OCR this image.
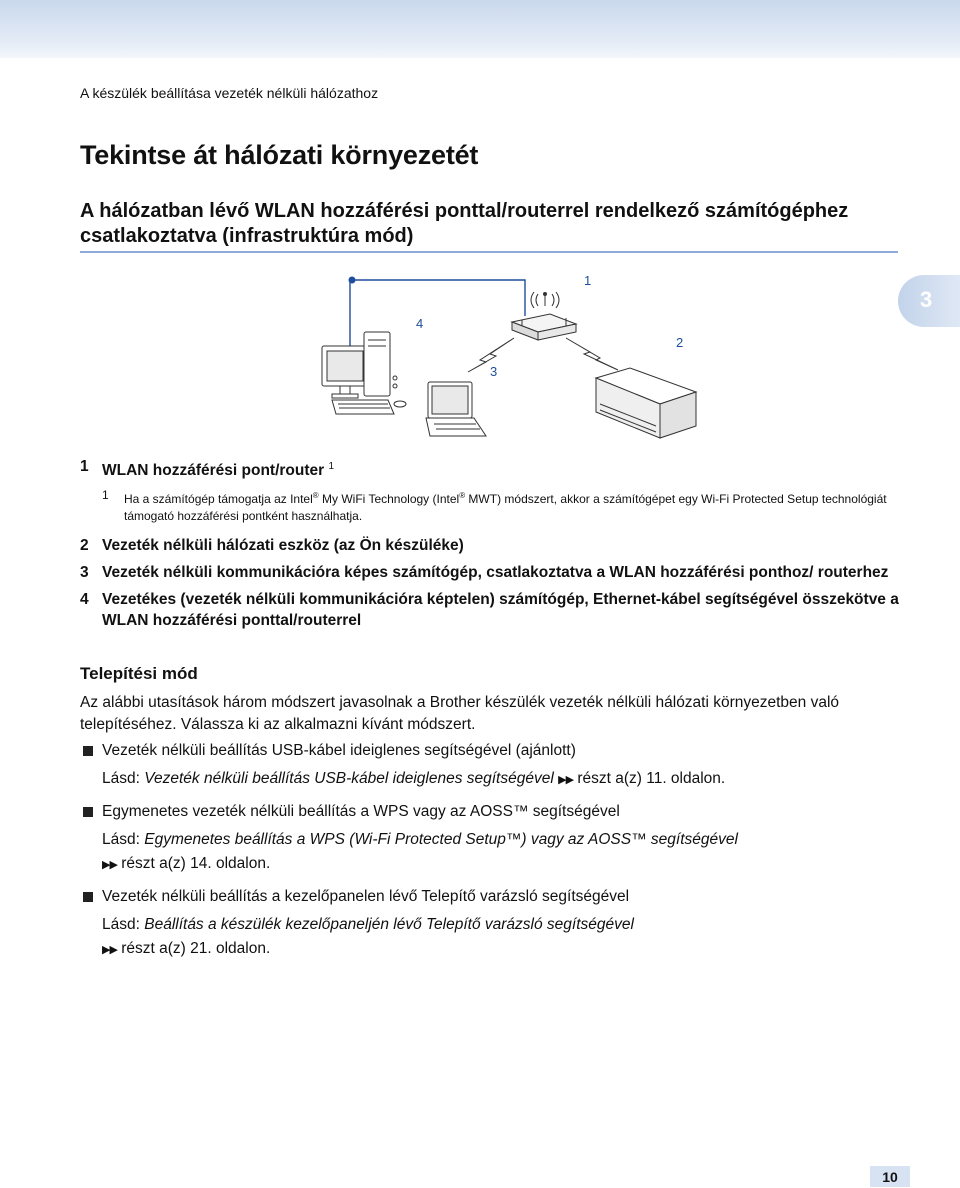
A készülék beállítása vezeték nélküli hálózathoz
Tekintse át hálózati környezetét
A hálózatban lévő WLAN hozzáférési ponttal/routerrel rendelkező számítógéphez csatlakoztatva (infrastruktúra mód)
3
1
2
3
4
1 WLAN hozzáférési pont/router $^1$
1 Ha a számítógép támogatja az Intel® My WiFi Technology (Intel® MWT) módszert, akkor a számítógépet egy Wi-Fi Protected Setup technológiát támogató hozzáférési pontként használhatja.
2 Vezeték nélküli hálózati eszköz (az Ön készüléke)
3 Vezeték nélküli kommunikációra képes számítógép, csatlakoztatva a WLAN hozzáférési ponthoz/ routerhez
4 Vezetékes (vezeték nélküli kommunikációra képtelen) számítógép, Ethernet-kábel segítségével összekötve a WLAN hozzáférési ponttal/routerrel
Telepítési mód

Az alábbi utasítások három módszert javasolnak a Brother készülék vezeték nélküli hálózati környezetben való telepítéséhez. Válassza ki az alkalmazni kívánt módszert.

Vezeték nélküli beállítás USB-kábel ideiglenes segítségével (ajánlott)
Lásd: Vezeték nélküli beállítás USB-kábel ideiglenes segítségével ▶▶ részt a(z) 11. oldalon.
Egymenetes vezeték nélküli beállítás a WPS vagy az AOSS™ segítségével
Lásd: Egymenetes beállítás a WPS (Wi-Fi Protected Setup™) vagy az AOSS™ segítségével
▶▶ részt a(z) 14. oldalon.
Vezeték nélküli beállítás a kezelőpanelen lévő Telepítő varázsló segítségével
Lásd: Beállítás a készülék kezelőpaneljén lévő Telepítő varázsló segítségével
▶▶ részt a(z) 21. oldalon.
10
